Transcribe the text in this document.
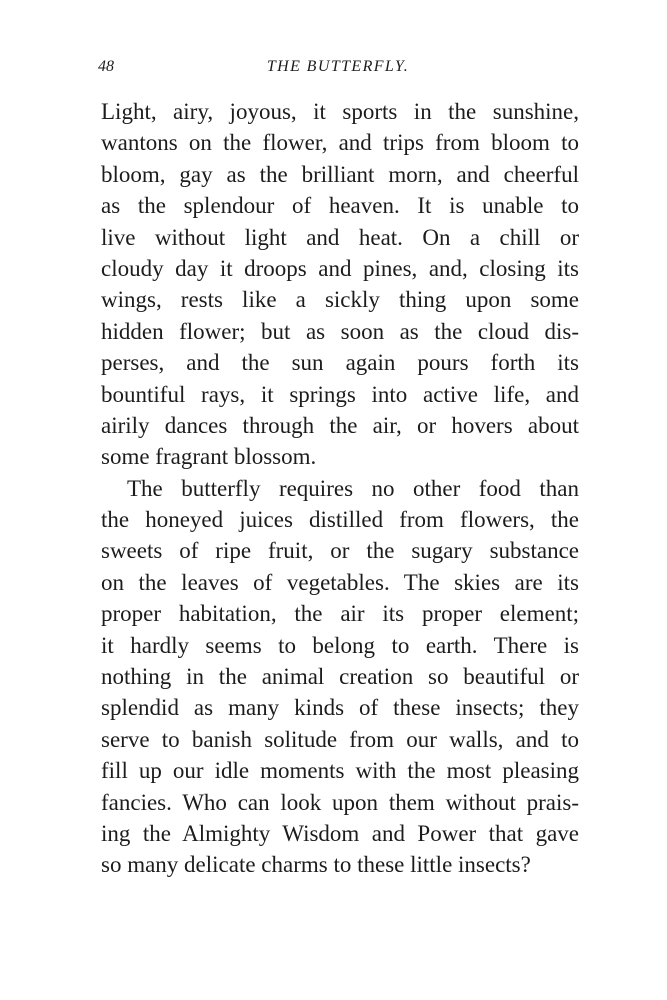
48	THE BUTTERFLY.
Light, airy, joyous, it sports in the sunshine,
wantons on the flower, and trips from bloom to
bloom, gay as the brilliant morn, and cheerful
as the splendour of heaven. It is unable to
live without light and heat. On a chill or
cloudy day it droops and pines, and, closing its
wings, rests like a sickly thing upon some
hidden flower; but as soon as the cloud dis-
perses, and the sun again pours forth its
bountiful rays, it springs into active life, and
airily dances through the air, or hovers about
some fragrant blossom.
The butterfly requires no other food than
the honeyed juices distilled from flowers, the
sweets of ripe fruit, or the sugary substance
on the leaves of vegetables. The skies are its
proper habitation, the air its proper element;
it hardly seems to belong to earth. There is
nothing in the animal creation so beautiful or
splendid as many kinds of these insects; they
serve to banish solitude from our walls, and to
fill up our idle moments with the most pleasing
fancies. Who can look upon them without prais-
ing the Almighty Wisdom and Power that gave
so many delicate charms to these little insects?
